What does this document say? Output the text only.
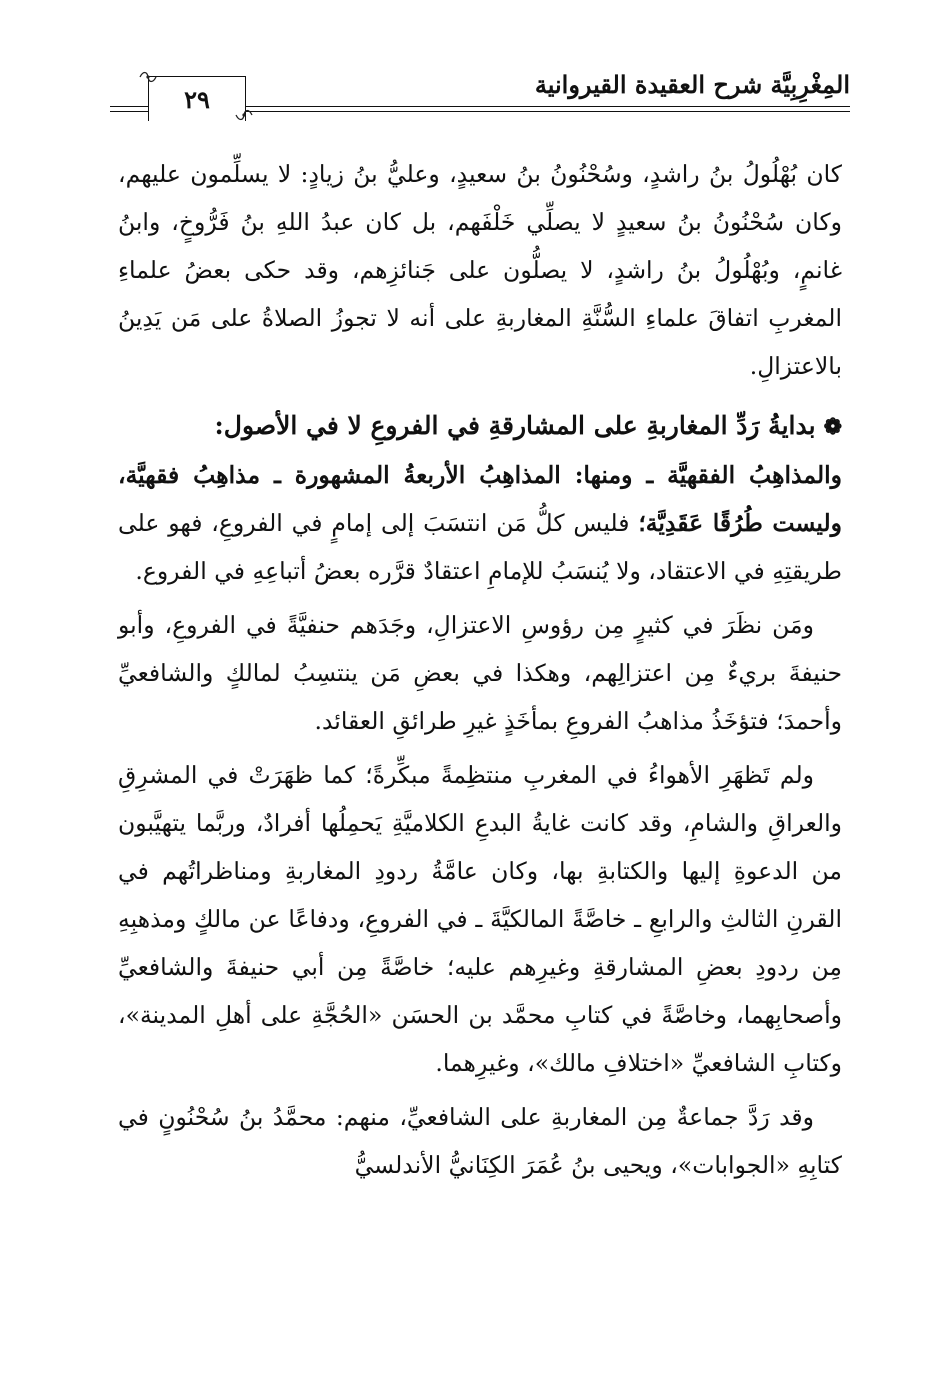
المِغْرِبِيَّة شرح العقيدة القيروانية
٢٩

كان بُهْلُولُ بنُ راشدٍ، وسُحْنُونُ بنُ سعيدٍ، وعليُّ بنُ زيادٍ: لا يسلِّمون عليهم، وكان سُحْنُونُ بنُ سعيدٍ لا يصلِّي خَلْفَهم، بل كان عبدُ اللهِ بنُ فَرُّوخٍ، وابنُ غانمٍ، وبُهْلُولُ بنُ راشدٍ، لا يصلُّون على جَنائزِهم، وقد حكى بعضُ علماءِ المغربِ اتفاقَ علماءِ السُّنَّةِ المغاربةِ على أنه لا تجوزُ الصلاةُ على مَن يَدِينُ بالاعتزالِ.

❁بدايةُ رَدِّ المغاربةِ على المشارقةِ في الفروعِ لا في الأصول:

والمذاهِبُ الفقهيَّة ـ ومنها: المذاهِبُ الأربعةُ المشهورة ـ مذاهِبُ فقهيَّة، وليست طُرُقًا عَقَدِيَّة؛ فليس كلُّ مَن انتسَبَ إلى إمامٍ في الفروعِ، فهو على طريقتِهِ في الاعتقاد، ولا يُنسَبُ للإمامِ اعتقادٌ قرَّره بعضُ أتباعِهِ في الفروع.

ومَن نظَرَ في كثيرٍ مِن رؤوسِ الاعتزالِ، وجَدَهم حنفيَّةً في الفروعِ، وأبو حنيفةَ بريءٌ مِن اعتزالِهم، وهكذا في بعضِ مَن ينتسِبُ لمالكٍ والشافعيِّ وأحمدَ؛ فتؤخَذُ مذاهبُ الفروعِ بمأخَذٍ غيرِ طرائقِ العقائد.

ولم تَظهَرِ الأهواءُ في المغربِ منتظِمةً مبكِّرةً؛ كما ظهَرَتْ في المشرِقِ والعراقِ والشامِ، وقد كانت غايةُ البدعِ الكلاميَّةِ يَحمِلُها أفرادٌ، وربَّما يتهيَّبون من الدعوةِ إليها والكتابةِ بها، وكان عامَّةُ ردودِ المغاربةِ ومناظراتُهم في القرنِ الثالثِ والرابعِ ـ خاصَّةً المالكيَّةَ ـ في الفروعِ، ودفاعًا عن مالكٍ ومذهبِهِ مِن ردودِ بعضِ المشارقةِ وغيرِهم عليه؛ خاصَّةً مِن أبي حنيفةَ والشافعيِّ وأصحابِهما، وخاصَّةً في كتابِ محمَّد بن الحسَن «الحُجَّةِ على أهلِ المدينة»، وكتابِ الشافعيِّ «اختلافِ مالك»، وغيرِهما.

وقد رَدَّ جماعةٌ مِن المغاربةِ على الشافعيِّ، منهم: محمَّدُ بنُ سُحْنُونٍ في كتابِهِ «الجوابات»، ويحيى بنُ عُمَرَ الكِنَانيُّ الأندلسيُّ
